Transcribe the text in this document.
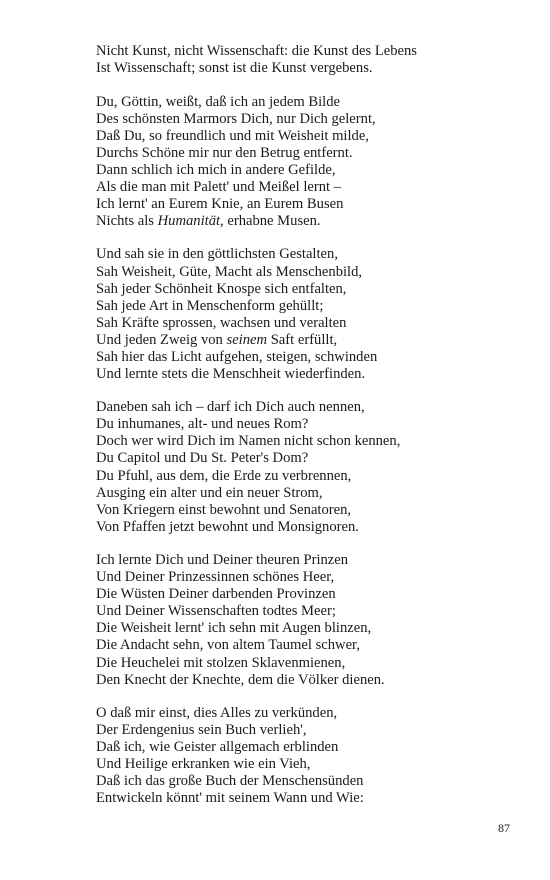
Nicht Kunst, nicht Wissenschaft: die Kunst des Lebens
Ist Wissenschaft; sonst ist die Kunst vergebens.
Du, Göttin, weißt, daß ich an jedem Bilde
Des schönsten Marmors Dich, nur Dich gelernt,
Daß Du, so freundlich und mit Weisheit milde,
Durchs Schöne mir nur den Betrug entfernt.
Dann schlich ich mich in andere Gefilde,
Als die man mit Palett' und Meißel lernt –
Ich lernt' an Eurem Knie, an Eurem Busen
Nichts als Humanität, erhabne Musen.
Und sah sie in den göttlichsten Gestalten,
Sah Weisheit, Güte, Macht als Menschenbild,
Sah jeder Schönheit Knospe sich entfalten,
Sah jede Art in Menschenform gehüllt;
Sah Kräfte sprossen, wachsen und veralten
Und jeden Zweig von seinem Saft erfüllt,
Sah hier das Licht aufgehen, steigen, schwinden
Und lernte stets die Menschheit wiederfinden.
Daneben sah ich – darf ich Dich auch nennen,
Du inhumanes, alt- und neues Rom?
Doch wer wird Dich im Namen nicht schon kennen,
Du Capitol und Du St. Peter's Dom?
Du Pfuhl, aus dem, die Erde zu verbrennen,
Ausging ein alter und ein neuer Strom,
Von Kriegern einst bewohnt und Senatoren,
Von Pfaffen jetzt bewohnt und Monsignoren.
Ich lernte Dich und Deiner theuren Prinzen
Und Deiner Prinzessinnen schönes Heer,
Die Wüsten Deiner darbenden Provinzen
Und Deiner Wissenschaften todtes Meer;
Die Weisheit lernt' ich sehn mit Augen blinzen,
Die Andacht sehn, von altem Taumel schwer,
Die Heuchelei mit stolzen Sklavenmienen,
Den Knecht der Knechte, dem die Völker dienen.
O daß mir einst, dies Alles zu verkünden,
Der Erdengenius sein Buch verlieh',
Daß ich, wie Geister allgemach erblinden
Und Heilige erkranken wie ein Vieh,
Daß ich das große Buch der Menschensünden
Entwickeln könnt' mit seinem Wann und Wie:
87
